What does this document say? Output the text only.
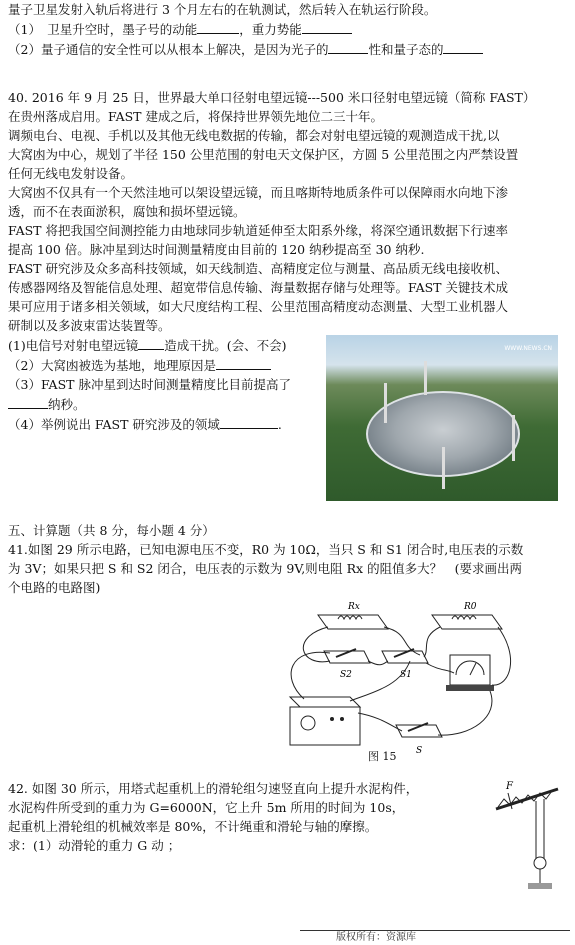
量子卫星发射入轨后将进行 3 个月左右的在轨测试，然后转入在轨运行阶段。
（1）　卫星升空时，墨子号的动能	，重力势能
（2）量子通信的安全性可以从根本上解决，是因为光子的	性和量子态的
40. 2016 年 9 月 25 日，世界最大单口径射电望远镜---500 米口径射电望远镜（简称 FAST）
在贵州落成启用。FAST 建成之后，将保持世界领先地位二三十年。
调频电台、电视、手机以及其他无线电数据的传输，都会对射电望远镜的观测造成干扰,以
大窝凼为中心，规划了半径 150 公里范围的射电天文保护区，方圆 5 公里范围之内严禁设置
任何无线电发射设备。
大窝凼不仅具有一个天然洼地可以架设望远镜，而且喀斯特地质条件可以保障雨水向地下渗
透，而不在表面淤积，腐蚀和损坏望远镜。
FAST 将把我国空间测控能力由地球同步轨道延伸至太阳系外缘，将深空通讯数据下行速率
提高 100 倍。脉冲星到达时间测量精度由目前的 120 纳秒提高至 30 纳秒.
FAST 研究涉及众多高科技领域，如天线制造、高精度定位与测量、高品质无线电接收机、
传感器网络及智能信息处理、超宽带信息传输、海量数据存储与处理等。FAST 关键技术成
果可应用于诸多相关领域，如大尺度结构工程、公里范围高精度动态测量、大型工业机器人
研制以及多波束雷达装置等。
(1)电信号对射电望远镜 造成干扰。(会、不会)
（2）大窝凼被选为基地，地理原因是
（3）FAST 脉冲星到达时间测量精度比目前提高了
纳秒。
（4）举例说出 FAST 研究涉及的领域	.
WWW.NEWS.CN
五、计算题（共 8 分，每小题 4 分）
41.如图 29 所示电路，已知电源电压不变，R0 为 10Ω，当只 S 和 S1 闭合时,电压表的示数
为 3V；如果只把 S 和 S2 闭合，电压表的示数为 9V,则电阻 Rx 的阻值多大？　(要求画出两
个电路的电路图)
Rx	R0
S2	S1
S
图 15
42. 如图 30 所示，用塔式起重机上的滑轮组匀速竖直向上提升水泥构件，
水泥构件所受到的重力为 G=6000N，它上升 5m 所用的时间为 10s，
起重机上滑轮组的机械效率是 80%，不计绳重和滑轮与轴的摩擦。
求：(1）动滑轮的重力 G 动 ；
F
版权所有：资源库
